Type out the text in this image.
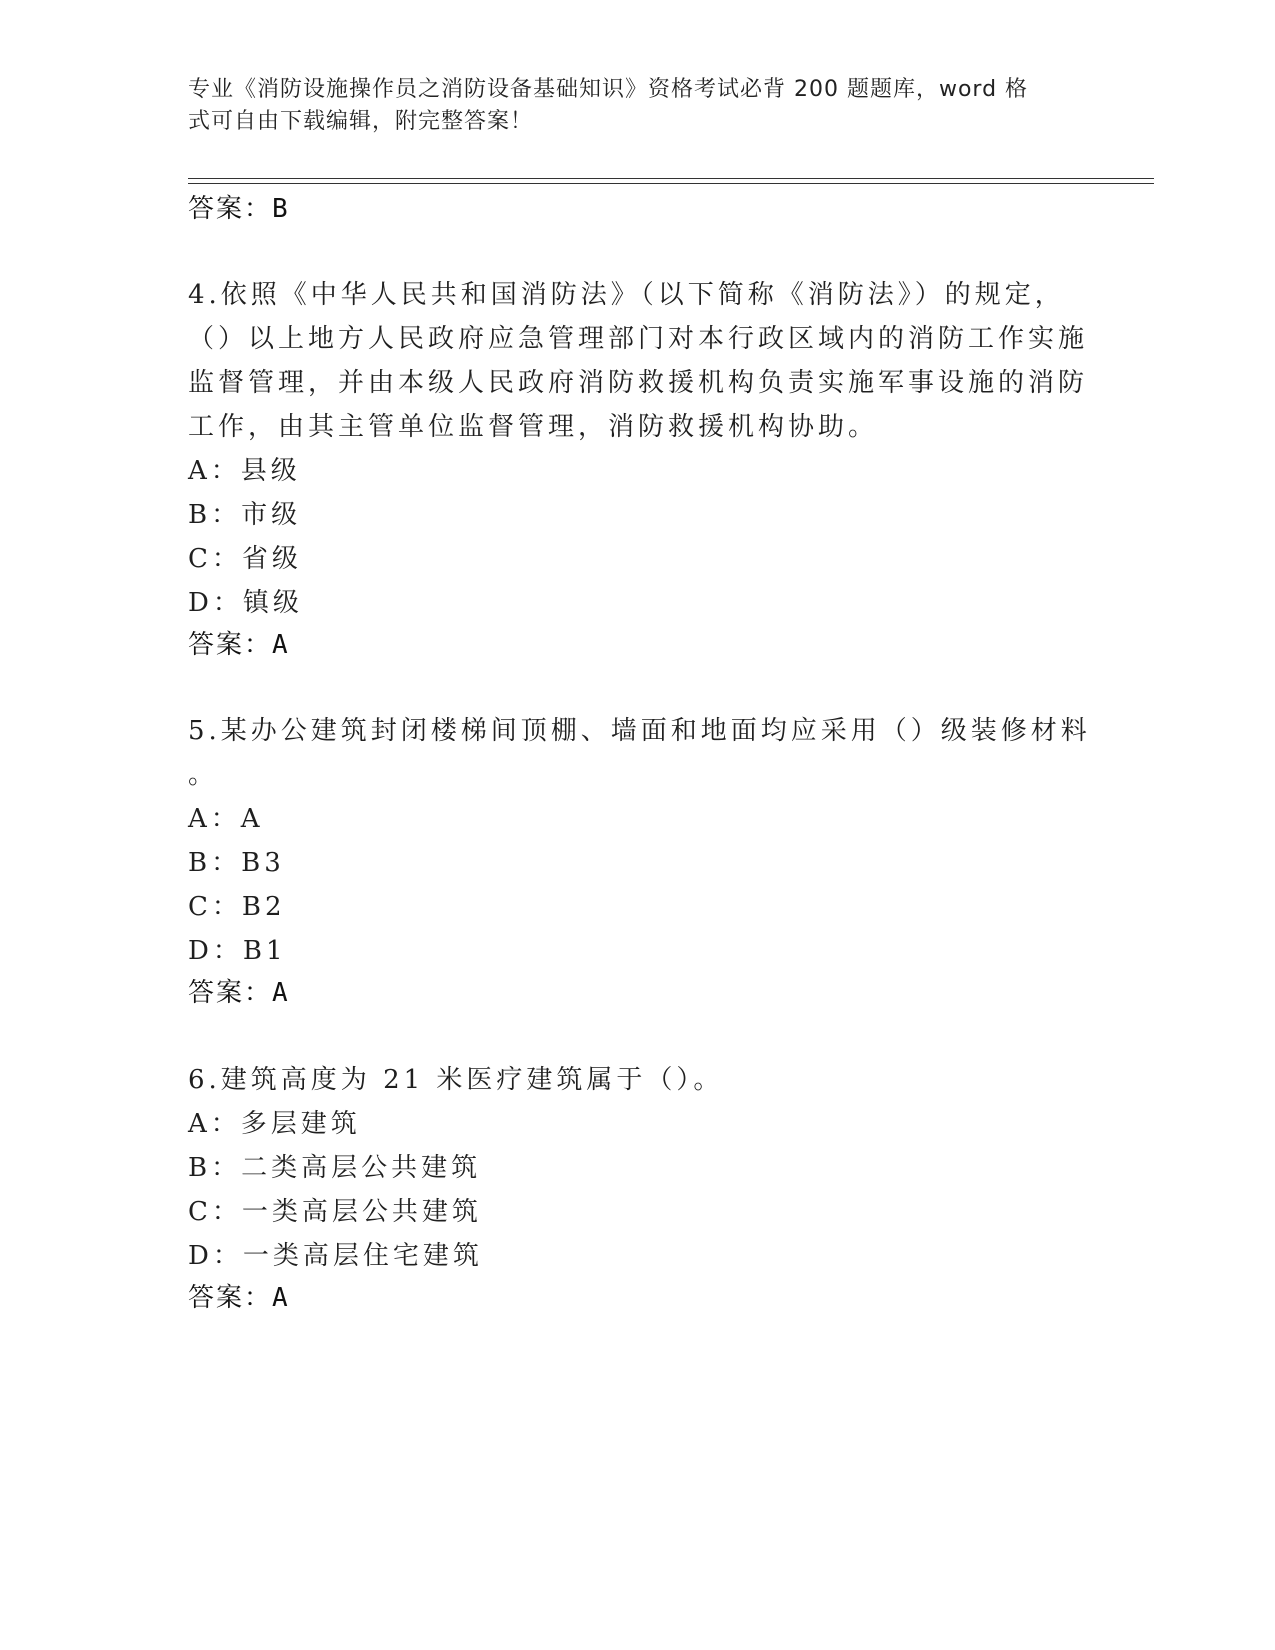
专业《消防设施操作员之消防设备基础知识》资格考试必背 200 题题库，word 格
式可自由下载编辑，附完整答案！
答案：B
4.依照《中华人民共和国消防法》（以下简称《消防法》）的规定，
（）以上地方人民政府应急管理部门对本行政区域内的消防工作实施
监督管理，并由本级人民政府消防救援机构负责实施军事设施的消防
工作，由其主管单位监督管理，消防救援机构协助。
A：县级
B：市级
C：省级
D：镇级
答案：A
5.某办公建筑封闭楼梯间顶棚、墙面和地面均应采用（）级装修材料
。
A：A
B：B3
C：B2
D：B1
答案：A
6.建筑高度为 21 米医疗建筑属于（）。
A：多层建筑
B：二类高层公共建筑
C：一类高层公共建筑
D：一类高层住宅建筑
答案：A
